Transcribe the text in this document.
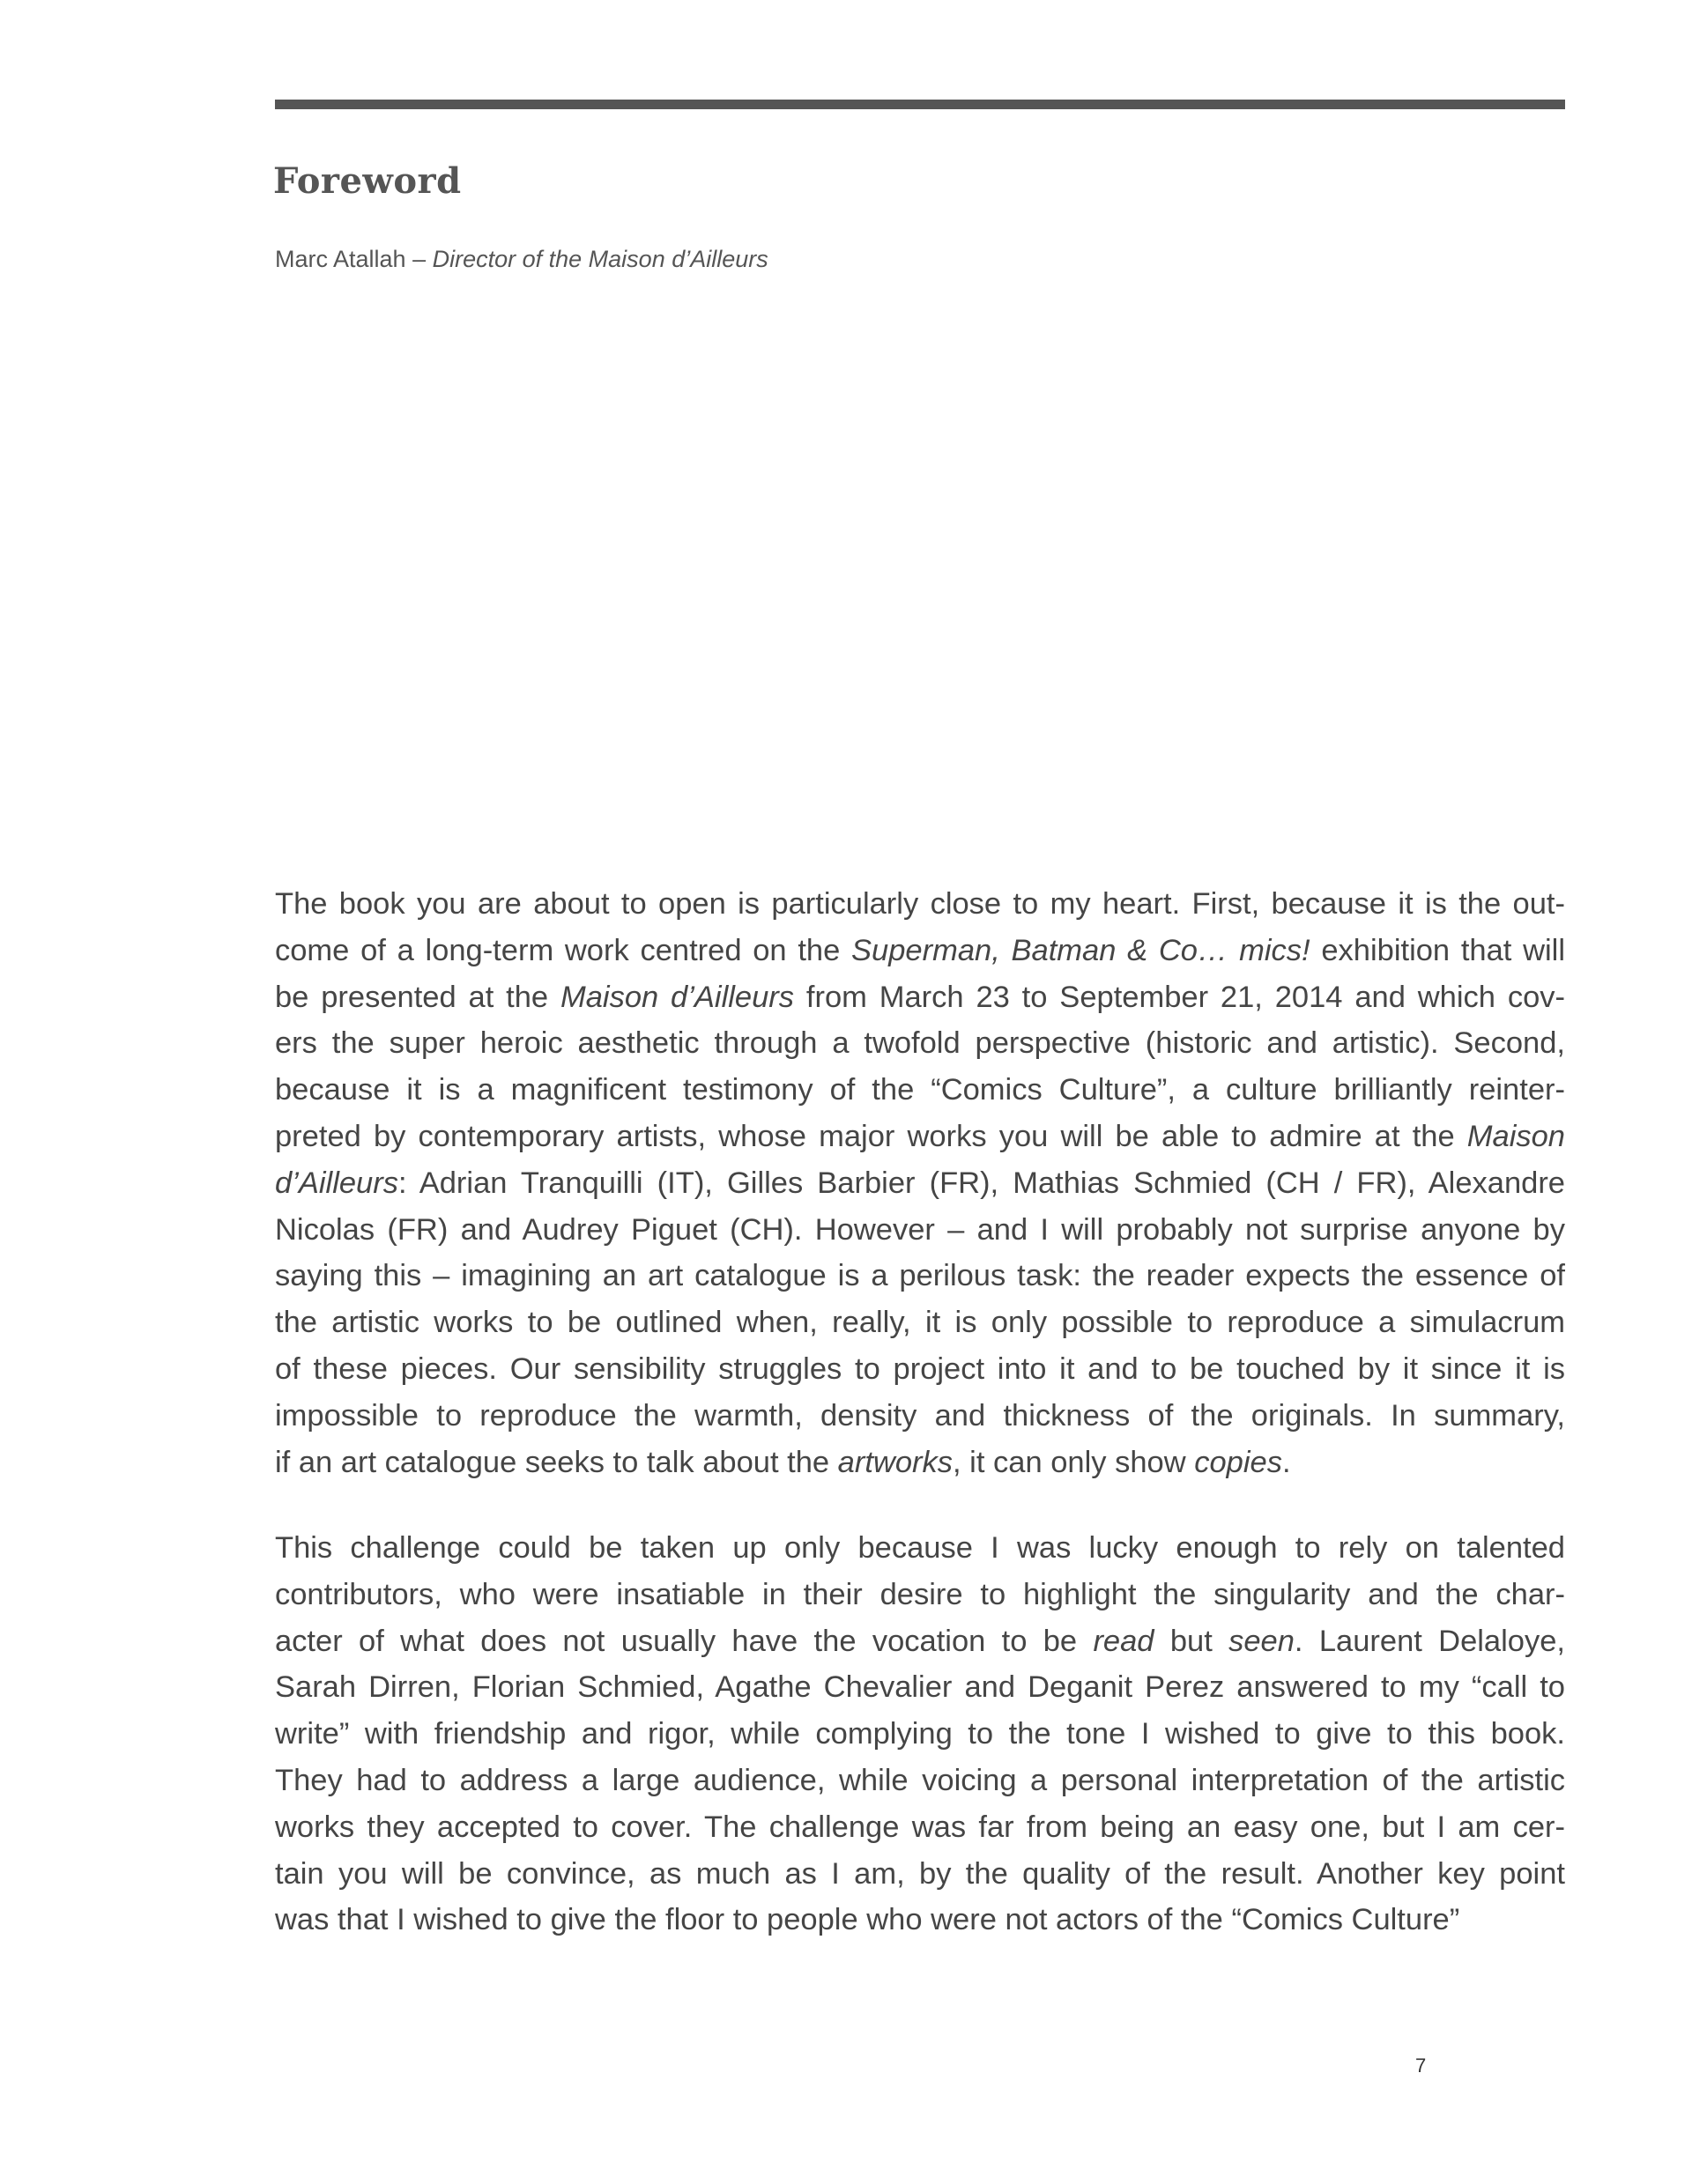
Foreword

Marc Atallah – Director of the Maison d’Ailleurs

The book you are about to open is particularly close to my heart. First, because it is the out-
come of a long-term work centred on the Superman, Batman & Co… mics! exhibition that will
be presented at the Maison d’Ailleurs from March 23 to September 21, 2014 and which cov-
ers the super heroic aesthetic through a twofold perspective (historic and artistic). Second,
because it is a magnificent testimony of the “Comics Culture”, a culture brilliantly reinter-
preted by contemporary artists, whose major works you will be able to admire at the Maison
d’Ailleurs: Adrian Tranquilli (IT), Gilles Barbier (FR), Mathias Schmied (CH / FR), Alexandre
Nicolas (FR) and Audrey Piguet (CH). However – and I will probably not surprise anyone by
saying this – imagining an art catalogue is a perilous task: the reader expects the essence of
the artistic works to be outlined when, really, it is only possible to reproduce a simulacrum
of these pieces. Our sensibility struggles to project into it and to be touched by it since it is
impossible to reproduce the warmth, density and thickness of the originals. In summary,
if an art catalogue seeks to talk about the artworks, it can only show copies.
This challenge could be taken up only because I was lucky enough to rely on talented
contributors, who were insatiable in their desire to highlight the singularity and the char-
acter of what does not usually have the vocation to be read but seen. Laurent Delaloye,
Sarah Dirren, Florian Schmied, Agathe Chevalier and Deganit Perez answered to my “call to
write” with friendship and rigor, while complying to the tone I wished to give to this book.
They had to address a large audience, while voicing a personal interpretation of the artistic
works they accepted to cover. The challenge was far from being an easy one, but I am cer-
tain you will be convince, as much as I am, by the quality of the result. Another key point
was that I wished to give the floor to people who were not actors of the “Comics Culture”
7
